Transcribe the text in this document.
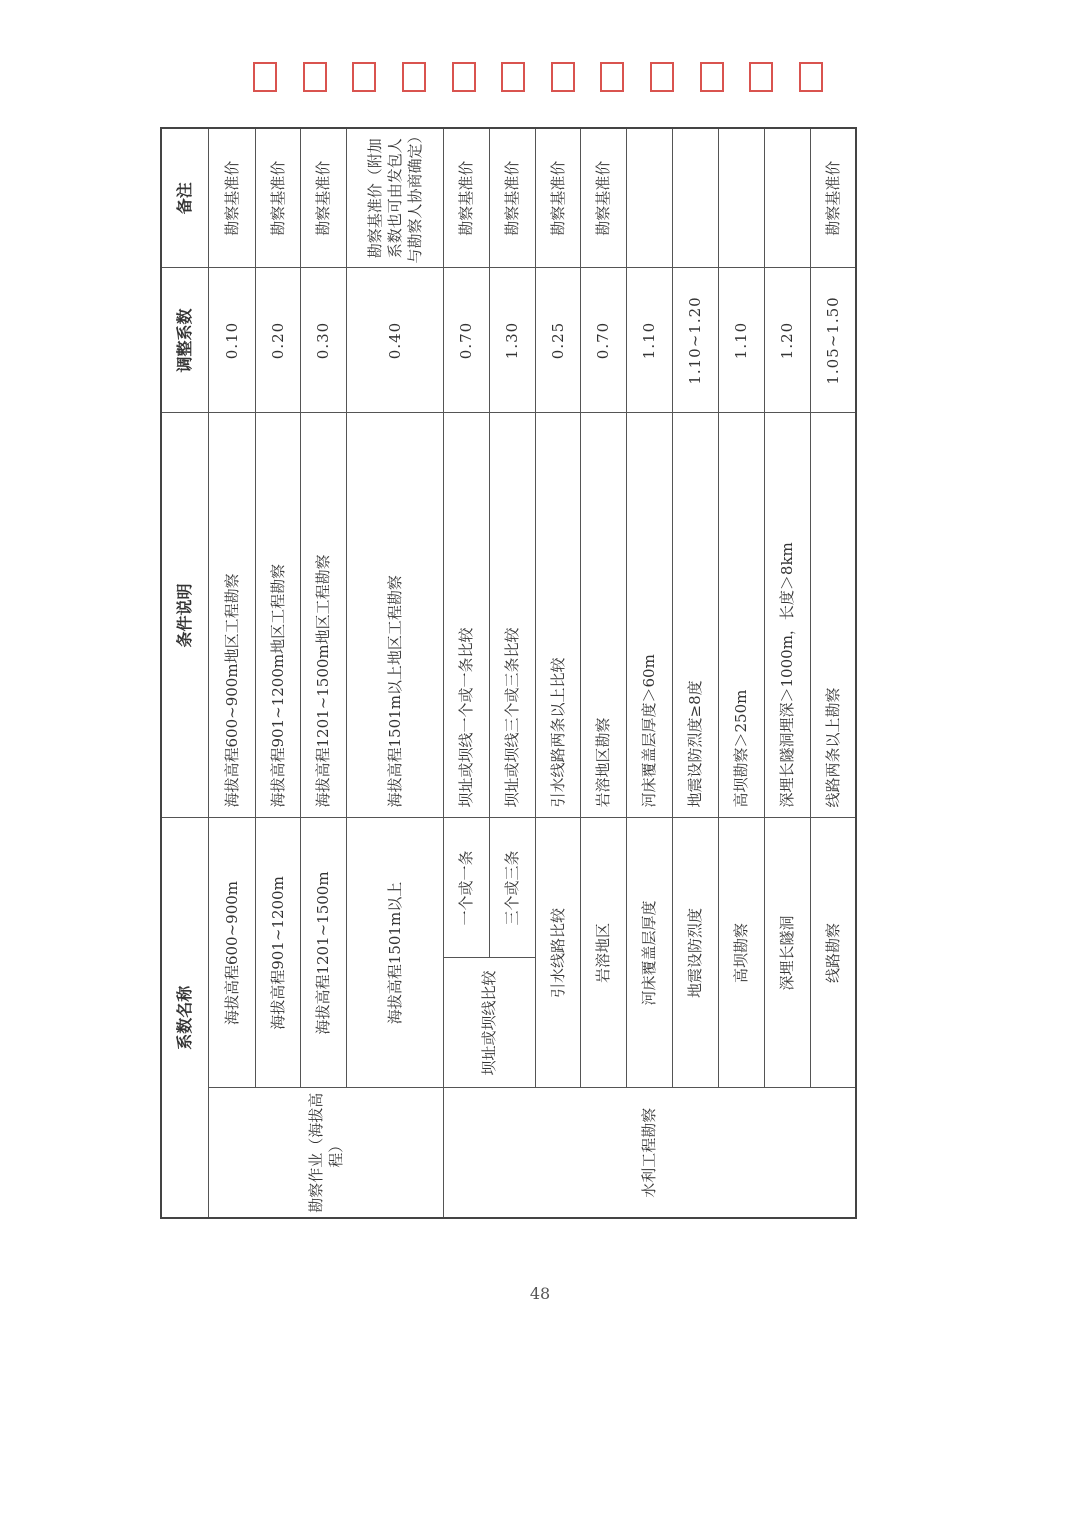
系数名称			条件说明	调整系数	备注
勘察作业（海拔高程）	海拔高程600~900m		海拔高程600~900m地区工程勘察	0.10	勘察基准价
	海拔高程901~1200m		海拔高程901~1200m地区工程勘察	0.20	勘察基准价
	海拔高程1201~1500m		海拔高程1201~1500m地区工程勘察	0.30	勘察基准价
	海拔高程1501m以上		海拔高程1501m以上地区工程勘察	0.40	勘察基准价（附加系数也可由发包人与勘察人协商确定）
水利工程勘察	坝址或坝线比较	一个或一条	坝址或坝线一个或一条比较	0.70	勘察基准价
		三个或三条	坝址或坝线三个或三条比较	1.30	勘察基准价
	引水线路比较		引水线路两条以上比较	0.25	勘察基准价
	岩溶地区		岩溶地区勘察	0.70	勘察基准价
	河床覆盖层厚度		河床覆盖层厚度＞60m	1.10	
	地震设防烈度		地震设防烈度≥8度	1.10~1.20	
	高坝勘察		高坝勘察＞250m	1.10	
	深埋长隧洞		深埋长隧洞埋深＞1000m，长度＞8km	1.20	
	线路勘察		线路两条以上勘察	1.05~1.50	勘察基准价
48
